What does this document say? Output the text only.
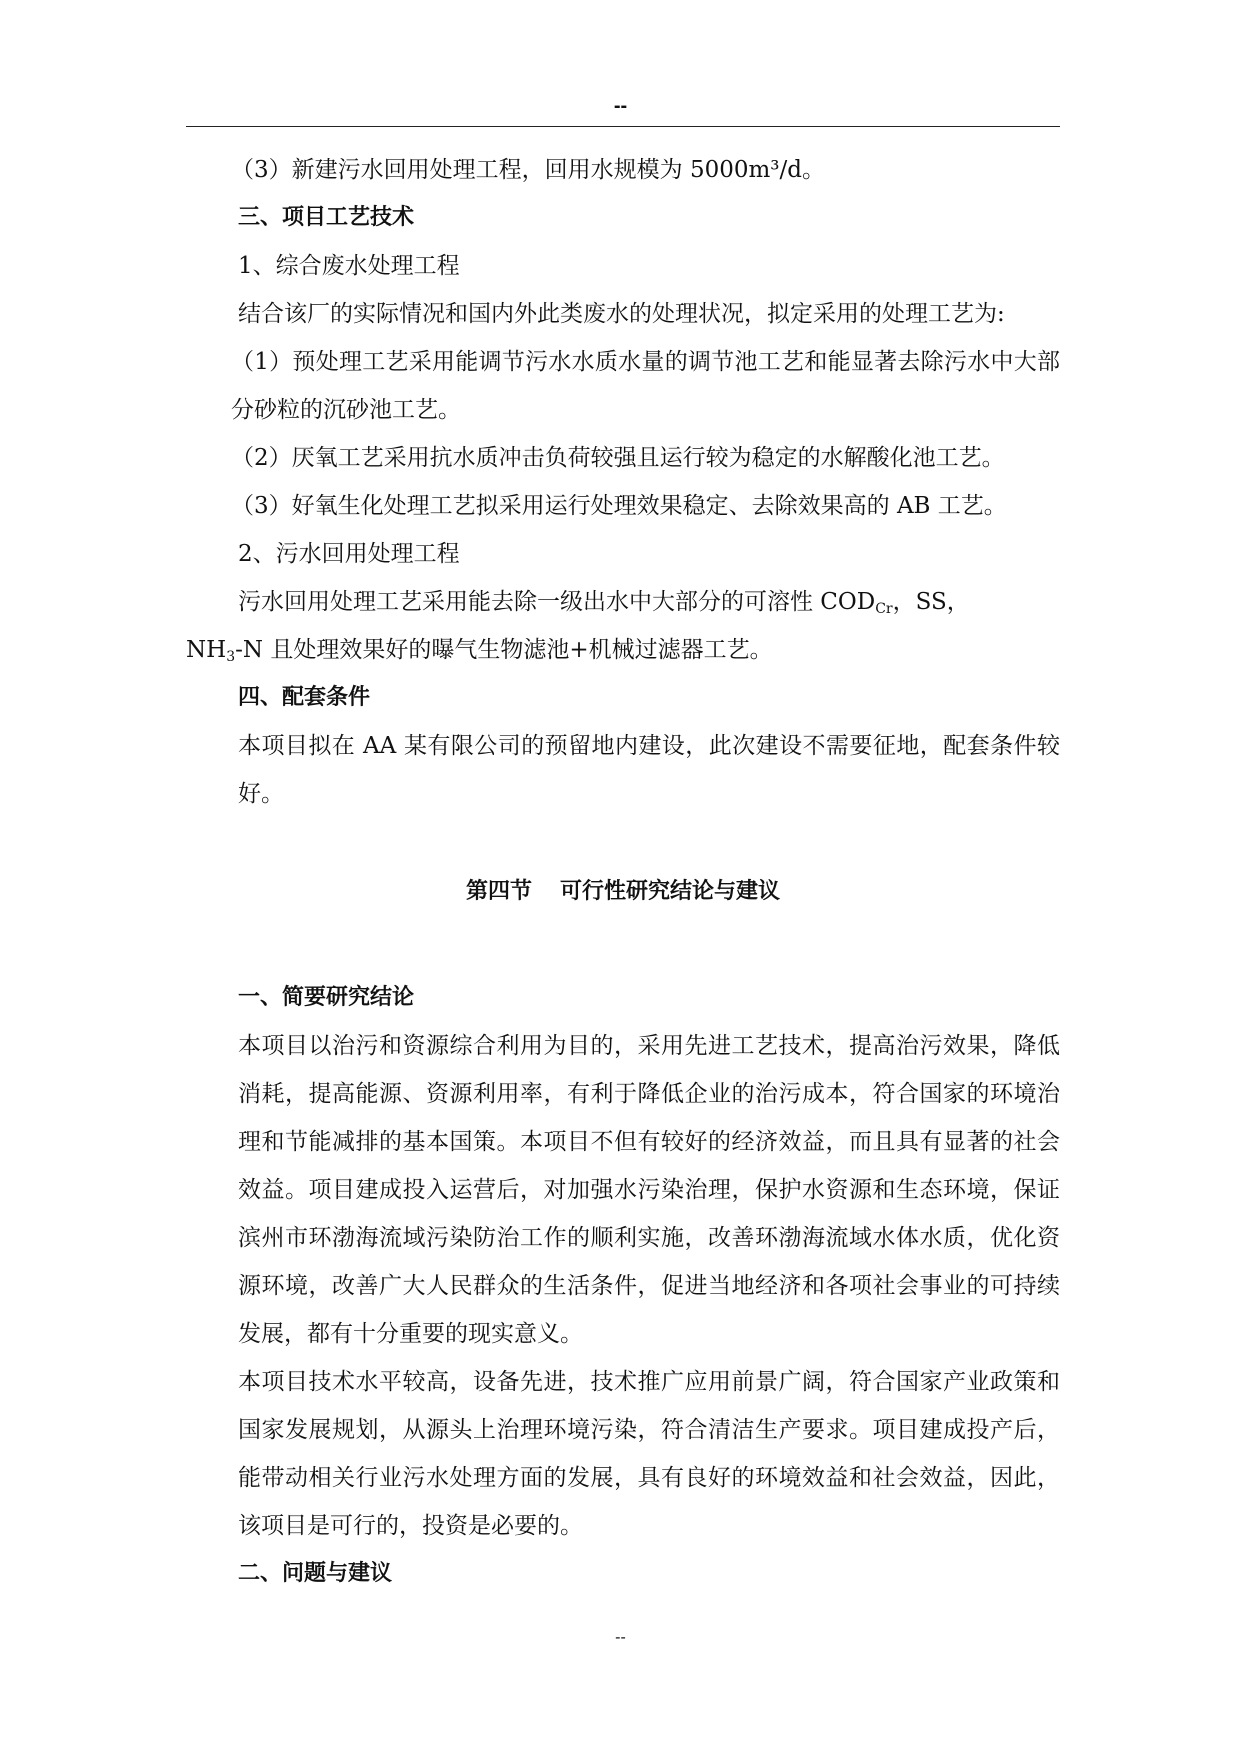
--

（3）新建污水回用处理工程，回用水规模为 5000m³/d。

三、项目工艺技术

1、综合废水处理工程

结合该厂的实际情况和国内外此类废水的处理状况，拟定采用的处理工艺为:

（1）预处理工艺采用能调节污水水质水量的调节池工艺和能显著去除污水中大部分砂粒的沉砂池工艺。

（2）厌氧工艺采用抗水质冲击负荷较强且运行较为稳定的水解酸化池工艺。

（3）好氧生化处理工艺拟采用运行处理效果稳定、去除效果高的 AB 工艺。

2、污水回用处理工程

污水回用处理工艺采用能去除一级出水中大部分的可溶性 $COD_{Cr}$，SS，

$NH_3-N$ 且处理效果好的曝气生物滤池+机械过滤器工艺。

四、配套条件

本项目拟在 AA 某有限公司的预留地内建设，此次建设不需要征地，配套条件较好。

第四节 可行性研究结论与建议

一、简要研究结论

本项目以治污和资源综合利用为目的，采用先进工艺技术，提高治污效果，降低消耗，提高能源、资源利用率，有利于降低企业的治污成本，符合国家的环境治理和节能减排的基本国策。本项目不但有较好的经济效益，而且具有显著的社会效益。项目建成投入运营后，对加强水污染治理，保护水资源和生态环境，保证滨州市环渤海流域污染防治工作的顺利实施，改善环渤海流域水体水质，优化资源环境，改善广大人民群众的生活条件，促进当地经济和各项社会事业的可持续发展，都有十分重要的现实意义。

本项目技术水平较高，设备先进，技术推广应用前景广阔，符合国家产业政策和国家发展规划，从源头上治理环境污染，符合清洁生产要求。项目建成投产后，能带动相关行业污水处理方面的发展，具有良好的环境效益和社会效益，因此，该项目是可行的，投资是必要的。

二、问题与建议

--
